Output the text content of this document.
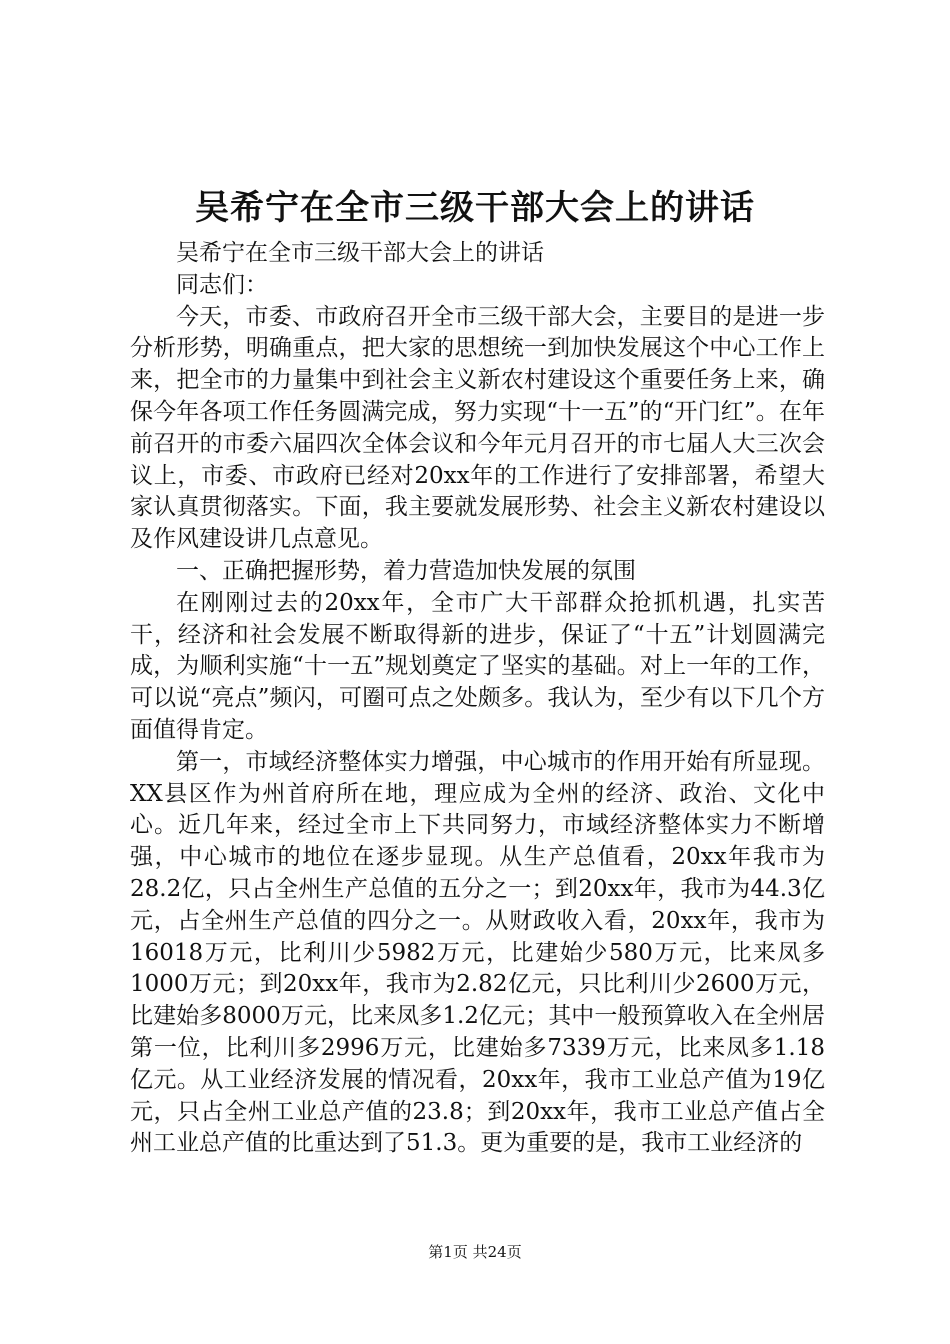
吴希宁在全市三级干部大会上的讲话

吴希宁在全市三级干部大会上的讲话

同志们：

今天，市委、市政府召开全市三级干部大会，主要目的是进一步分析形势，明确重点，把大家的思想统一到加快发展这个中心工作上来，把全市的力量集中到社会主义新农村建设这个重要任务上来，确保今年各项工作任务圆满完成，努力实现“十一五”的“开门红”。在年前召开的市委六届四次全体会议和今年元月召开的市七届人大三次会议上，市委、市政府已经对20xx年的工作进行了安排部署，希望大家认真贯彻落实。下面，我主要就发展形势、社会主义新农村建设以及作风建设讲几点意见。

一、正确把握形势，着力营造加快发展的氛围

在刚刚过去的20xx年，全市广大干部群众抢抓机遇，扎实苦干，经济和社会发展不断取得新的进步，保证了“十五”计划圆满完成，为顺利实施“十一五”规划奠定了坚实的基础。对上一年的工作，可以说“亮点”频闪，可圈可点之处颇多。我认为，至少有以下几个方面值得肯定。

第一，市域经济整体实力增强，中心城市的作用开始有所显现。XX县区作为州首府所在地，理应成为全州的经济、政治、文化中心。近几年来，经过全市上下共同努力，市域经济整体实力不断增强，中心城市的地位在逐步显现。从生产总值看，20xx年我市为28.2亿，只占全州生产总值的五分之一；到20xx年，我市为44.3亿元，占全州生产总值的四分之一。从财政收入看，20xx年，我市为16018万元，比利川少5982万元，比建始少580万元，比来凤多1000万元；到20xx年，我市为2.82亿元，只比利川少2600万元，比建始多8000万元，比来凤多1.2亿元；其中一般预算收入在全州居第一位，比利川多2996万元，比建始多7339万元，比来凤多1.18亿元。从工业经济发展的情况看，20xx年，我市工业总产值为19亿元，只占全州工业总产值的23.8；到20xx年，我市工业总产值占全州工业总产值的比重达到了51.3。更为重要的是，我市工业经济的

第1页 共24页
